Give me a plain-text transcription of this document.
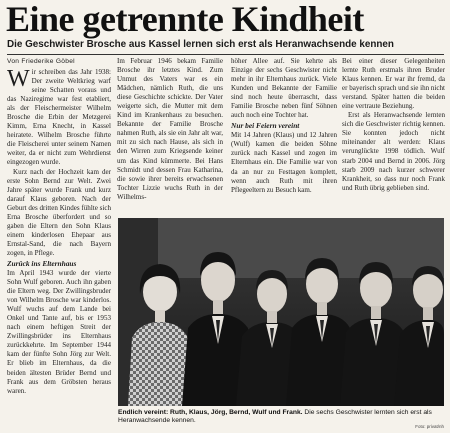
Eine getrennte Kindheit
Die Geschwister Brosche aus Kassel lernen sich erst als Heranwachsende kennen
Von Friederike Göbel

Wir schreiben das Jahr 1938: Der zweite Weltkrieg warf seine Schatten voraus und das Naziregime war fest etabliert, als der Fleischermeister Wilhelm Brosche die Erbin der Metzgerei Kimm, Erna Knecht, in Kassel heiratete. Wilhelm Brosche führte die Fleischerei unter seinem Namen weiter, da er nicht zum Wehrdienst eingezogen wurde.

Kurz nach der Hochzeit kam der erste Sohn Bernd zur Welt. Zwei Jahre später wurde Frank und kurz darauf Klaus geboren. Nach der Geburt des dritten Kindes fühlte sich Erna Brosche überfordert und so gaben die Eltern den Sohn Klaus einem kinderlosen Ehepaar aus Ernstal-Sand, die nach Bayern zogen, in Pflege.

Zurück ins Elternhaus

Im April 1943 wurde der vierte Sohn Wulf geboren. Auch ihn gaben die Eltern weg. Der Zwillingsbruder von Wilhelm Brosche war kinderlos. Wulf wuchs auf dem Lande bei Onkel und Tante auf, bis er 1953 nach einem heftigen Streit der Zwillingsbrüder ins Elternhaus zurückkehrte. Im September 1944 kam der fünfte Sohn Jörg zur Welt. Er blieb im Elternhaus, da die beiden ältesten Brüder Bernd und Frank aus dem Gröbsten heraus waren.

Im Februar 1946 bekam Familie Brosche ihr letztes Kind. Zum Unmut des Vaters war es ein Mädchen, nämlich Ruth, die uns diese Geschichte schickte. Der Vater weigerte sich, die Mutter mit dem Kind im Krankenhaus zu besuchen. Bekannte der Familie Brosche nahmen Ruth, als sie ein Jahr alt war, mit zu sich nach Hause, als sich in den Wirren zum Kriegsende keiner um das Kind kümmerte. Bei Hans Schmidt und dessen Frau Katharina, die sowie ihrer bereits erwachsenen Tochter Lizzie wuchs Ruth in der Wilhelms-

höher Allee auf. Sie kehrte als Einzige der sechs Geschwister nicht mehr in ihr Elternhaus zurück. Viele Kunden und Bekannte der Familie sind noch heute überrascht, dass Familie Brosche neben fünf Söhnen auch noch eine Tochter hat.

Nur bei Feiern vereint

Mit 14 Jahren (Klaus) und 12 Jahren (Wulf) kamen die beiden Söhne zurück nach Kassel und zogen im Elternhaus ein. Die Familie war von da an nur zu Festtagen komplett, wenn auch Ruth mit ihren Pflegeeltern zu Besuch kam.

Bei einer dieser Gelegenheiten lernte Ruth erstmals ihren Bruder Klaus kennen. Er war ihr fremd, da er bayerisch sprach und sie ihn nicht verstand. Später hatten die beiden eine vertraute Beziehung.

Erst als Heranwachsende lernten sich die Geschwister richtig kennen. Sie konnten jedoch nicht miteinander alt werden: Klaus verunglückte 1998 tödlich. Wulf starb 2004 und Bernd in 2006. Jörg starb 2009 nach kurzer schwerer Krankheit, so dass nur noch Frank und Ruth übrig geblieben sind.

Endlich vereint: Ruth, Klaus, Jörg, Bernd, Wulf und Frank. Die sechs Geschwister lernten sich erst als Heranwachsende kennen.
Foto: privat/nh
